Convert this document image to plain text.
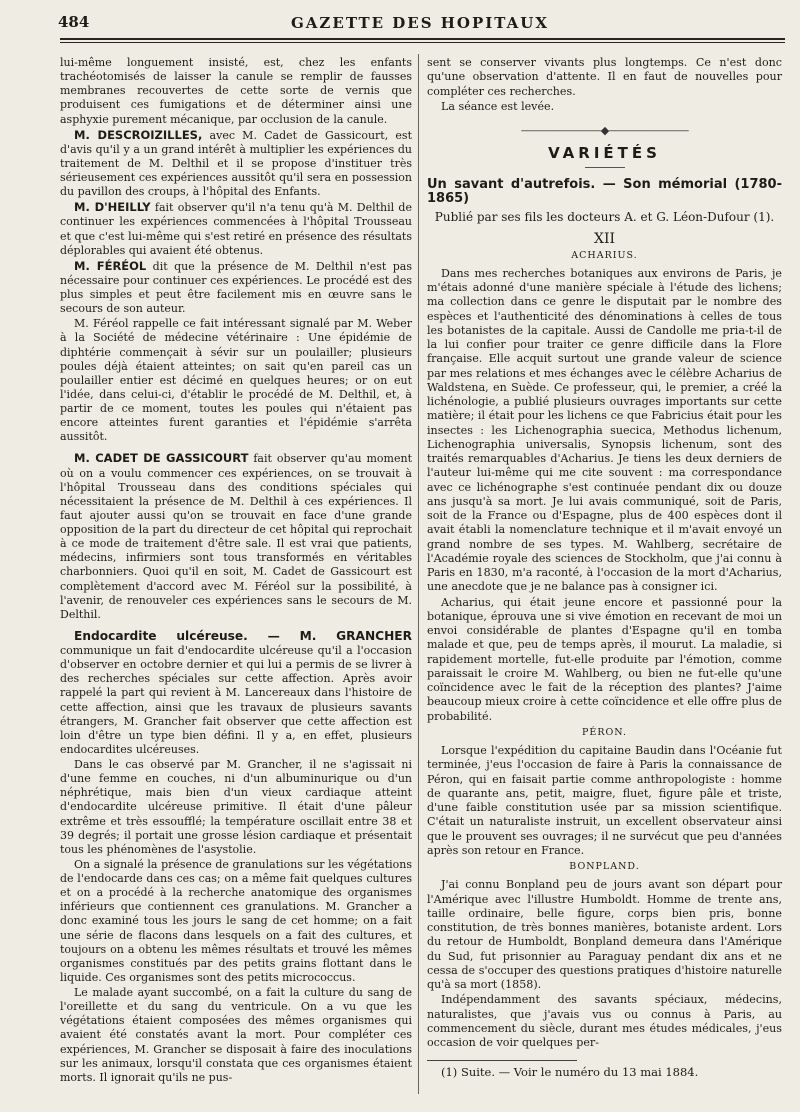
484	GAZETTE DES HOPITAUX

lui-même longuement insisté, est, chez les enfants trachéotomisés de laisser la canule se remplir de fausses membranes recouvertes de cette sorte de vernis que produisent ces fumigations et de déterminer ainsi une asphyxie purement mécanique, par occlusion de la canule.

M. DESCROIZILLES, avec M. Cadet de Gassicourt, est d'avis qu'il y a un grand intérêt à multiplier les expériences du traitement de M. Delthil et il se propose d'instituer très sérieusement ces expériences aussitôt qu'il sera en possession du pavillon des croups, à l'hôpital des Enfants.

M. D'HEILLY fait observer qu'il n'a tenu qu'à M. Delthil de continuer les expériences commencées à l'hôpital Trousseau et que c'est lui-même qui s'est retiré en présence des résultats déplorables qui avaient été obtenus.

M. FÉRÉOL dit que la présence de M. Delthil n'est pas nécessaire pour continuer ces expériences. Le procédé est des plus simples et peut être facilement mis en œuvre sans le secours de son auteur.

M. Féréol rappelle ce fait intéressant signalé par M. Weber à la Société de médecine vétérinaire : Une épidémie de diphtérie commençait à sévir sur un poulailler; plusieurs poules déjà étaient atteintes; on sait qu'en pareil cas un poulailler entier est décimé en quelques heures; or on eut l'idée, dans celui-ci, d'établir le procédé de M. Delthil, et, à partir de ce moment, toutes les poules qui n'étaient pas encore atteintes furent garanties et l'épidémie s'arrêta aussitôt.

M. CADET DE GASSICOURT fait observer qu'au moment où on a voulu commencer ces expériences, on se trouvait à l'hôpital Trousseau dans des conditions spéciales qui nécessitaient la présence de M. Delthil à ces expériences. Il faut ajouter aussi qu'on se trouvait en face d'une grande opposition de la part du directeur de cet hôpital qui reprochait à ce mode de traitement d'être sale. Il est vrai que patients, médecins, infirmiers sont tous transformés en véritables charbonniers. Quoi qu'il en soit, M. Cadet de Gassicourt est complètement d'accord avec M. Féréol sur la possibilité, à l'avenir, de renouveler ces expériences sans le secours de M. Delthil.

Endocardite ulcéreuse. — M. GRANCHER communique un fait d'endocardite ulcéreuse qu'il a l'occasion d'observer en octobre dernier et qui lui a permis de se livrer à des recherches spéciales sur cette affection. Après avoir rappelé la part qui revient à M. Lancereaux dans l'histoire de cette affection, ainsi que les travaux de plusieurs savants étrangers, M. Grancher fait observer que cette affection est loin d'être un type bien défini. Il y a, en effet, plusieurs endocardites ulcéreuses.

Dans le cas observé par M. Grancher, il ne s'agissait ni d'une femme en couches, ni d'un albuminurique ou d'un néphrétique, mais bien d'un vieux cardiaque atteint d'endocardite ulcéreuse primitive. Il était d'une pâleur extrême et très essoufflé; la température oscillait entre 38 et 39 degrés; il portait une grosse lésion cardiaque et présentait tous les phénomènes de l'asystolie.

On a signalé la présence de granulations sur les végétations de l'endocarde dans ces cas; on a même fait quelques cultures et on a procédé à la recherche anatomique des organismes inférieurs que contiennent ces granulations. M. Grancher a donc examiné tous les jours le sang de cet homme; on a fait une série de flacons dans lesquels on a fait des cultures, et toujours on a obtenu les mêmes résultats et trouvé les mêmes organismes constitués par des petits grains flottant dans le liquide. Ces organismes sont des petits micrococcus.

Le malade ayant succombé, on a fait la culture du sang de l'oreillette et du sang du ventricule. On a vu que les végétations étaient composées des mêmes organismes qui avaient été constatés avant la mort. Pour compléter ces expériences, M. Grancher se disposait à faire des inoculations sur les animaux, lorsqu'il constata que ces organismes étaient morts. Il ignorait qu'ils ne pus-

sent se conserver vivants plus longtemps. Ce n'est donc qu'une observation d'attente. Il en faut de nouvelles pour compléter ces recherches.

La séance est levée.

————————◆————————
VARIÉTÉS

Un savant d'autrefois. — Son mémorial (1780-1865)

Publié par ses fils les docteurs A. et G. Léon-Dufour (1).

XII

ACHARIUS.

Dans mes recherches botaniques aux environs de Paris, je m'étais adonné d'une manière spéciale à l'étude des lichens; ma collection dans ce genre le disputait par le nombre des espèces et l'authenticité des dénominations à celles de tous les botanistes de la capitale. Aussi de Candolle me pria-t-il de la lui confier pour traiter ce genre difficile dans la Flore française. Elle acquit surtout une grande valeur de science par mes relations et mes échanges avec le célèbre Acharius de Waldstena, en Suède. Ce professeur, qui, le premier, a créé la lichénologie, a publié plusieurs ouvrages importants sur cette matière; il était pour les lichens ce que Fabricius était pour les insectes : les Lichenographia suecica, Methodus lichenum, Lichenographia universalis, Synopsis lichenum, sont des traités remarquables d'Acharius. Je tiens les deux derniers de l'auteur lui-même qui me cite souvent : ma correspondance avec ce lichénographe s'est continuée pendant dix ou douze ans jusqu'à sa mort. Je lui avais communiqué, soit de Paris, soit de la France ou d'Espagne, plus de 400 espèces dont il avait établi la nomenclature technique et il m'avait envoyé un grand nombre de ses types. M. Wahlberg, secrétaire de l'Académie royale des sciences de Stockholm, que j'ai connu à Paris en 1830, m'a raconté, à l'occasion de la mort d'Acharius, une anecdote que je ne balance pas à consigner ici.

Acharius, qui était jeune encore et passionné pour la botanique, éprouva une si vive émotion en recevant de moi un envoi considérable de plantes d'Espagne qu'il en tomba malade et que, peu de temps après, il mourut. La maladie, si rapidement mortelle, fut-elle produite par l'émotion, comme paraissait le croire M. Wahlberg, ou bien ne fut-elle qu'une coïncidence avec le fait de la réception des plantes? J'aime beaucoup mieux croire à cette coïncidence et elle offre plus de probabilité.

PÉRON.

Lorsque l'expédition du capitaine Baudin dans l'Océanie fut terminée, j'eus l'occasion de faire à Paris la connaissance de Péron, qui en faisait partie comme anthropologiste : homme de quarante ans, petit, maigre, fluet, figure pâle et triste, d'une faible constitution usée par sa mission scientifique. C'était un naturaliste instruit, un excellent observateur ainsi que le prouvent ses ouvrages; il ne survécut que peu d'années après son retour en France.

BONPLAND.

J'ai connu Bonpland peu de jours avant son départ pour l'Amérique avec l'illustre Humboldt. Homme de trente ans, taille ordinaire, belle figure, corps bien pris, bonne constitution, de très bonnes manières, botaniste ardent. Lors du retour de Humboldt, Bonpland demeura dans l'Amérique du Sud, fut prisonnier au Paraguay pendant dix ans et ne cessa de s'occuper des questions pratiques d'histoire naturelle qu'à sa mort (1858).

Indépendamment des savants spéciaux, médecins, naturalistes, que j'avais vus ou connus à Paris, au commencement du siècle, durant mes études médicales, j'eus occasion de voir quelques per-

(1) Suite. — Voir le numéro du 13 mai 1884.
